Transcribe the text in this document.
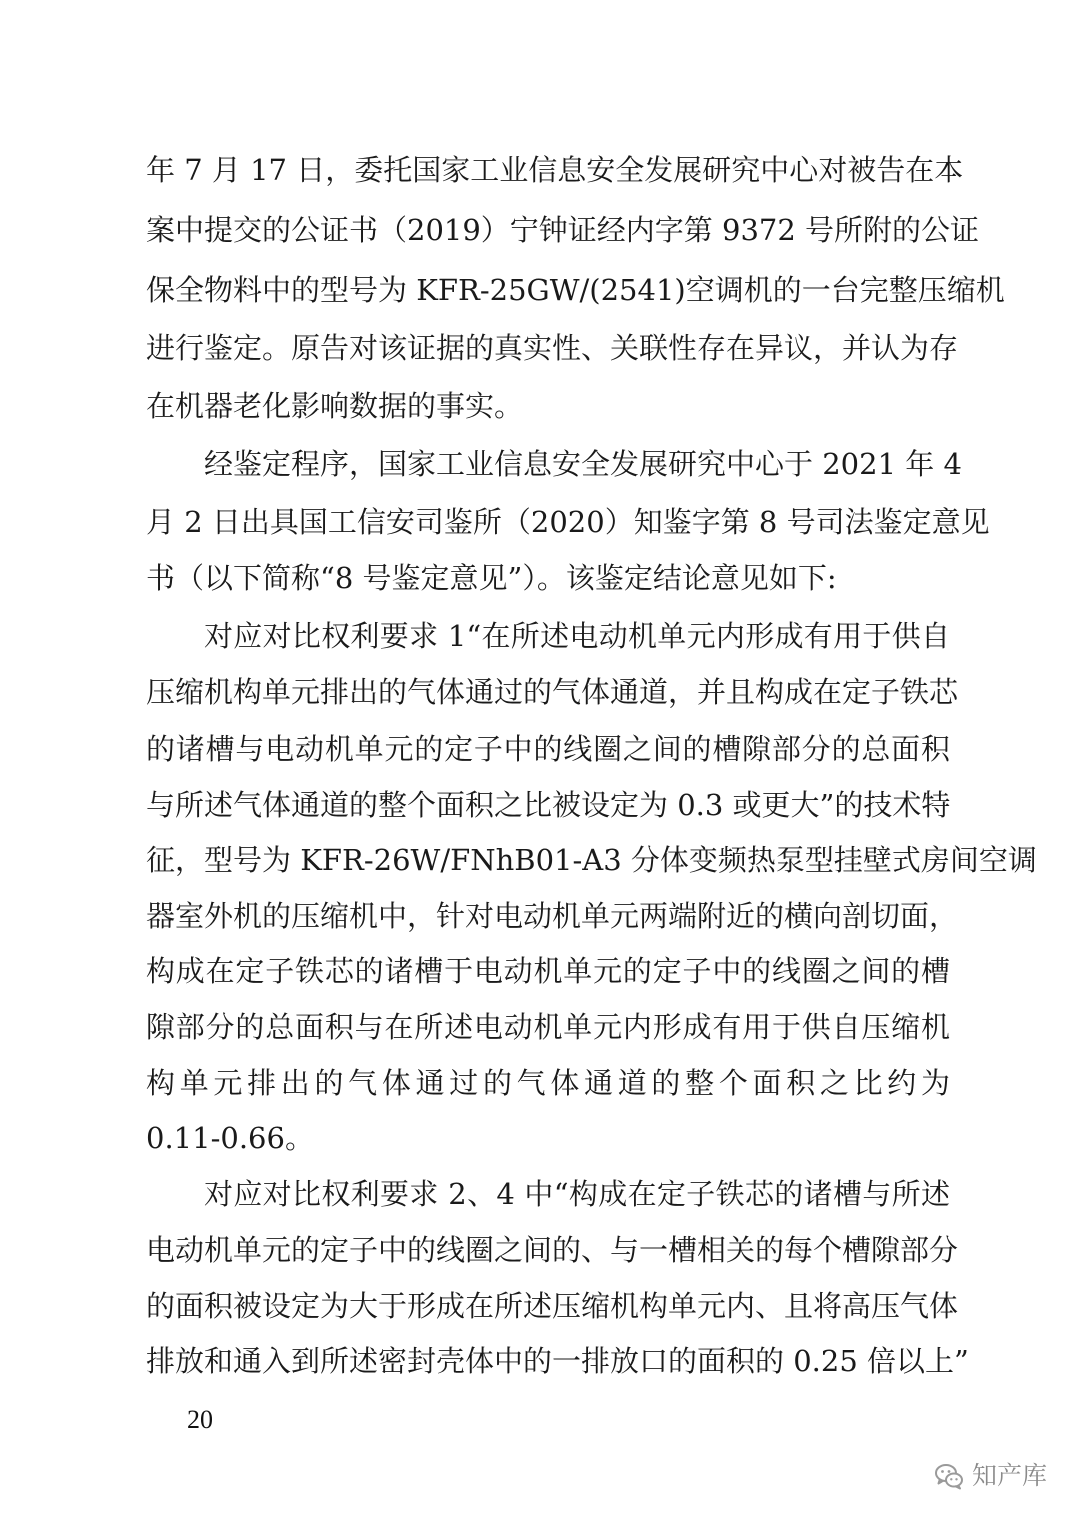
年 7 月 17 日，委托国家工业信息安全发展研究中心对被告在本
案中提交的公证书（2019）宁钟证经内字第 9372 号所附的公证
保全物料中的型号为 KFR-25GW/(2541)空调机的一台完整压缩机
进行鉴定。原告对该证据的真实性、关联性存在异议，并认为存
在机器老化影响数据的事实。
经鉴定程序，国家工业信息安全发展研究中心于 2021 年 4
月 2 日出具国工信安司鉴所（2020）知鉴字第 8 号司法鉴定意见
书（以下简称“8 号鉴定意见”）。该鉴定结论意见如下:
对应对比权利要求 1“在所述电动机单元内形成有用于供自
压缩机构单元排出的气体通过的气体通道，并且构成在定子铁芯
的诸槽与电动机单元的定子中的线圈之间的槽隙部分的总面积
与所述气体通道的整个面积之比被设定为 0.3 或更大”的技术特
征，型号为 KFR-26W/FNhB01-A3 分体变频热泵型挂壁式房间空调
器室外机的压缩机中，针对电动机单元两端附近的横向剖切面，
构成在定子铁芯的诸槽于电动机单元的定子中的线圈之间的槽
隙部分的总面积与在所述电动机单元内形成有用于供自压缩机
构单元排出的气体通过的气体通道的整个面积之比约为
0.11-0.66。
对应对比权利要求 2、4 中“构成在定子铁芯的诸槽与所述
电动机单元的定子中的线圈之间的、与一槽相关的每个槽隙部分
的面积被设定为大于形成在所述压缩机构单元内、且将高压气体
排放和通入到所述密封壳体中的一排放口的面积的 0.25 倍以上”
20
知产库
